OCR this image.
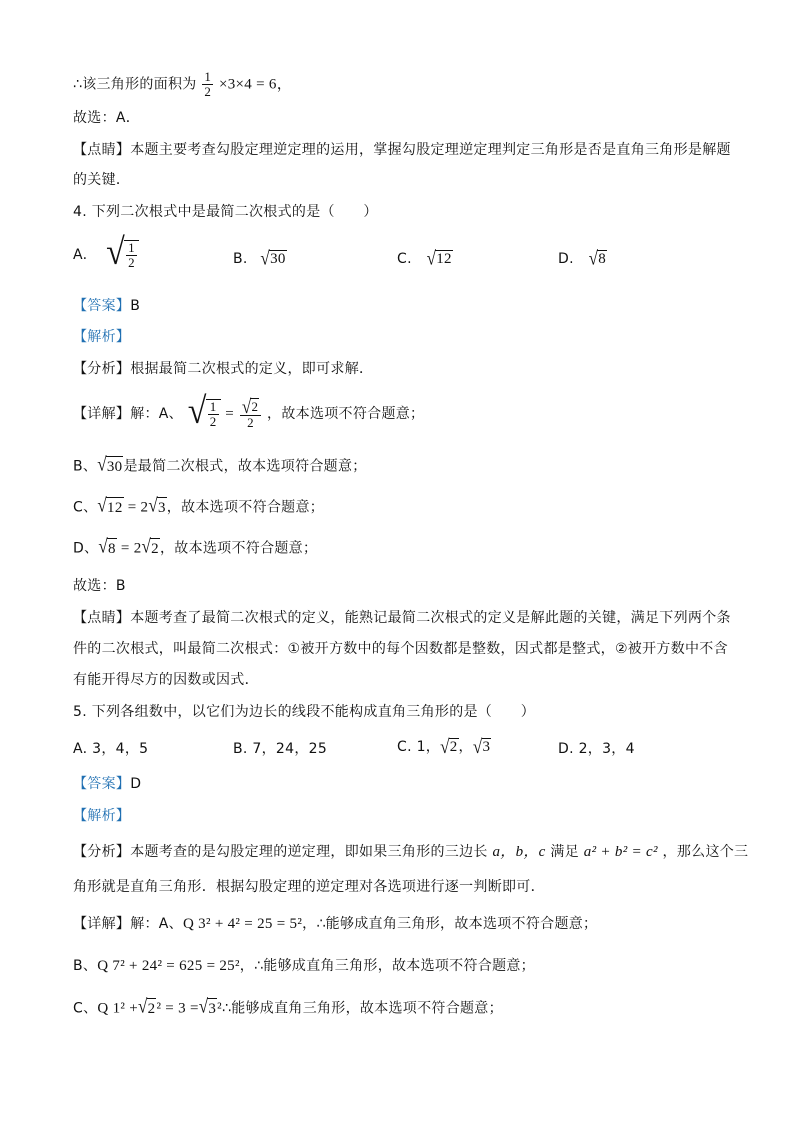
∴该三角形的面积为 $\frac{1}{2} \times 3\times 4 = 6$，
故选：A．
【点睛】本题主要考查勾股定理逆定理的运用，掌握勾股定理逆定理判定三角形是否是直角三角形是解题
的关键．
4. 下列二次根式中是最简二次根式的是（　　）
A. √ $\frac{1}{2}$	B. √ 30	C. √ 12	D. √ 8
【答案】B
【解析】
【分析】根据最简二次根式的定义，即可求解．
【详解】解：A、 √ $\frac{1}{2} = \frac{√ 2}{2}$ ，故本选项不符合题意；
B、 √ 30 是最简二次根式，故本选项符合题意；
C、 √ 12 = 2 √ 3 ，故本选项不符合题意；
D、 √ 8 = 2 √ 2 ，故本选项不符合题意；
故选：B
【点睛】本题考查了最简二次根式的定义，能熟记最简二次根式的定义是解此题的关键，满足下列两个条
件的二次根式，叫最简二次根式：①被开方数中的每个因数都是整数，因式都是整式，②被开方数中不含
有能开得尽方的因数或因式．
5. 下列各组数中，以它们为边长的线段不能构成直角三角形的是（　　）
A. 3，4，5	B. 7，24，25	C. 1， √ 2 ， √ 3	D. 2，3，4
【答案】D
【解析】
【分析】本题考查的是勾股定理的逆定理，即如果三角形的三边长 a，b，c 满足 a² + b² = c² ，那么这个三
角形就是直角三角形．根据勾股定理的逆定理对各选项进行逐一判断即可．
【详解】解：A、Q 3² + 4² = 25 = 5²，∴能够成直角三角形，故本选项不符合题意；
B、Q 7² + 24² = 625 = 25²，∴能够成直角三角形，故本选项不符合题意；
C、Q 1² + √ 2 ² = 3 = √ 3 ²∴能够成直角三角形，故本选项不符合题意；
